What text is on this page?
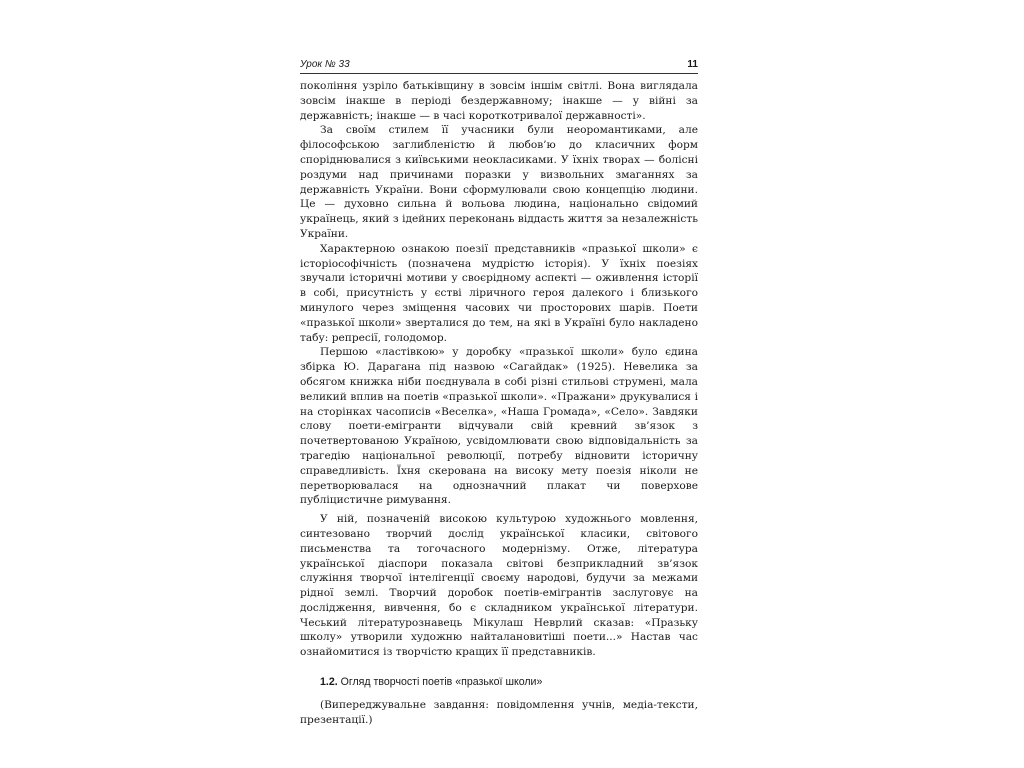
Урок № 33	11

покоління узріло батьківщину в зовсім іншім світлі. Вона виглядала зовсім інакше в періоді бездержавному; інакше — у війні за державність; інакше — в часі короткотривалої державності».

За своїм стилем її учасники були неоромантиками, але філософською заглибленістю й любов’ю до класичних форм споріднювалися з київськими неокласиками. У їхніх творах — болісні роздуми над причинами поразки у визвольних змаганнях за державність України. Вони сформулювали свою концепцію людини. Це — духовно сильна й вольова людина, національно свідомий українець, який з ідейних переконань віддасть життя за незалежність України.

Характерною ознакою поезії представників «празької школи» є історіософічність (позначена мудрістю історія). У їхніх поезіях звучали історичні мотиви у своєрідному аспекті — оживлення історії в собі, присутність у єстві ліричного героя далекого і близького минулого через зміщення часових чи просторових шарів. Поети «празької школи» зверталися до тем, на які в Україні було накладено табу: репресії, голодомор.

Першою «ластівкою» у доробку «празької школи» було єдина збірка Ю. Дарагана під назвою «Сагайдак» (1925). Невелика за обсягом книжка ніби поєднувала в собі різні стильові струмені, мала великий вплив на поетів «празької школи». «Пражани» друкувалися і на сторінках часописів «Веселка», «Наша Громада», «Село». Завдяки слову поети-емігранти відчували свій кревний зв’язок з почетвертованою Україною, усвідомлювати свою відповідальність за трагедію національної революції, потребу відновити історичну справедливість. Їхня скерована на високу мету поезія ніколи не перетворювалася на однозначний плакат чи поверхове публіцистичне римування.

У ній, позначеній високою культурою художнього мовлення, синтезовано творчий дослід української класики, світового письменства та тогочасного модернізму. Отже, література української діаспори показала світові безприкладний зв’язок служіння творчої інтелігенції своєму народові, будучи за межами рідної землі. Творчий доробок поетів-емігрантів заслуговує на дослідження, вивчення, бо є складником української літератури. Чеський літературознавець Мікулаш Неврлий сказав: «Празьку школу» утворили художню найталановитіші поети...» Настав час ознайомитися із творчістю кращих її представників.

1.2. Огляд творчості поетів «празької школи»

(Випереджувальне завдання: повідомлення учнів, медіа-тексти, презентації.)
